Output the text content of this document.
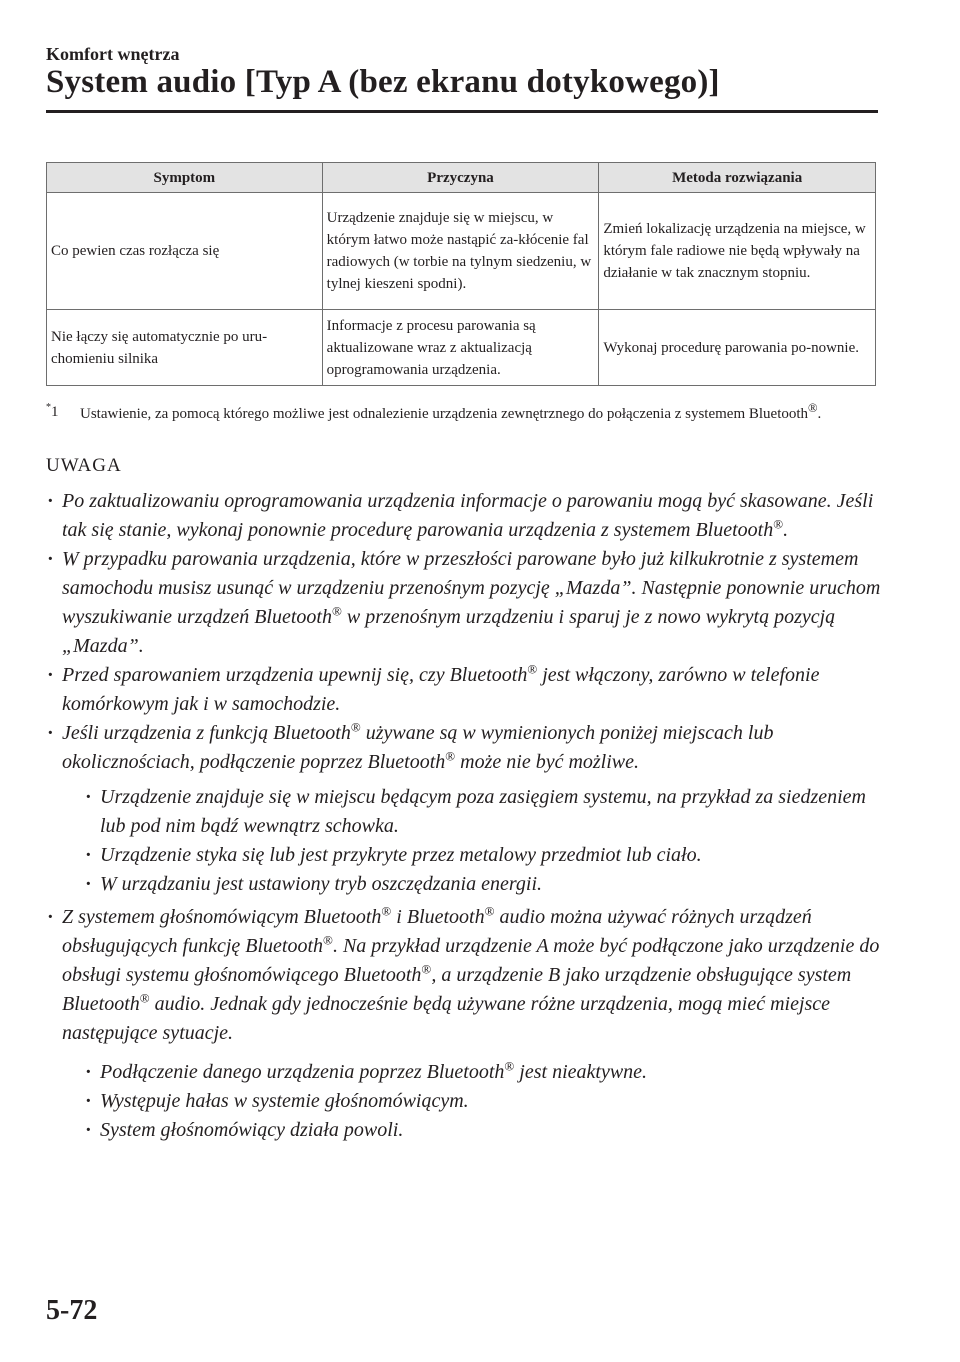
Komfort wnętrza
System audio [Typ A (bez ekranu dotykowego)]
Symptom	Przyczyna	Metoda rozwiązania
Co pewien czas rozłącza się	Urządzenie znajduje się w miejscu, w którym łatwo może nastąpić za-kłócenie fal radiowych (w torbie na tylnym siedzeniu, w tylnej kieszeni spodni).	Zmień lokalizację urządzenia na miejsce, w którym fale radiowe nie będą wpływały na działanie w tak znacznym stopniu.
Nie łączy się automatycznie po uru-chomieniu silnika	Informacje z procesu parowania są aktualizowane wraz z aktualizacją oprogramowania urządzenia.	Wykonaj procedurę parowania po-nownie.
*1 Ustawienie, za pomocą którego możliwe jest odnalezienie urządzenia zewnętrznego do połączenia z systemem Bluetooth®.
UWAGA
· Po zaktualizowaniu oprogramowania urządzenia informacje o parowaniu mogą być skasowane. Jeśli tak się stanie, wykonaj ponownie procedurę parowania urządzenia z systemem Bluetooth®.
· W przypadku parowania urządzenia, które w przeszłości parowane było już kilkukrotnie z systemem samochodu musisz usunąć w urządzeniu przenośnym pozycję „Mazda”. Następnie ponownie uruchom wyszukiwanie urządzeń Bluetooth® w przenośnym urządzeniu i sparuj je z nowo wykrytą pozycją „Mazda”.
· Przed sparowaniem urządzenia upewnij się, czy Bluetooth® jest włączony, zarówno w telefonie komórkowym jak i w samochodzie.
· Jeśli urządzenia z funkcją Bluetooth® używane są w wymienionych poniżej miejscach lub okolicznościach, podłączenie poprzez Bluetooth® może nie być możliwe.
· Urządzenie znajduje się w miejscu będącym poza zasięgiem systemu, na przykład za siedzeniem lub pod nim bądź wewnątrz schowka.
· Urządzenie styka się lub jest przykryte przez metalowy przedmiot lub ciało.
· W urządzaniu jest ustawiony tryb oszczędzania energii.
· Z systemem głośnomówiącym Bluetooth® i Bluetooth® audio można używać różnych urządzeń obsługujących funkcję Bluetooth®. Na przykład urządzenie A może być podłączone jako urządzenie do obsługi systemu głośnomówiącego Bluetooth®, a urządzenie B jako urządzenie obsługujące system Bluetooth® audio. Jednak gdy jednocześnie będą używane różne urządzenia, mogą mieć miejsce następujące sytuacje.
· Podłączenie danego urządzenia poprzez Bluetooth® jest nieaktywne.
· Występuje hałas w systemie głośnomówiącym.
· System głośnomówiący działa powoli.
5-72
